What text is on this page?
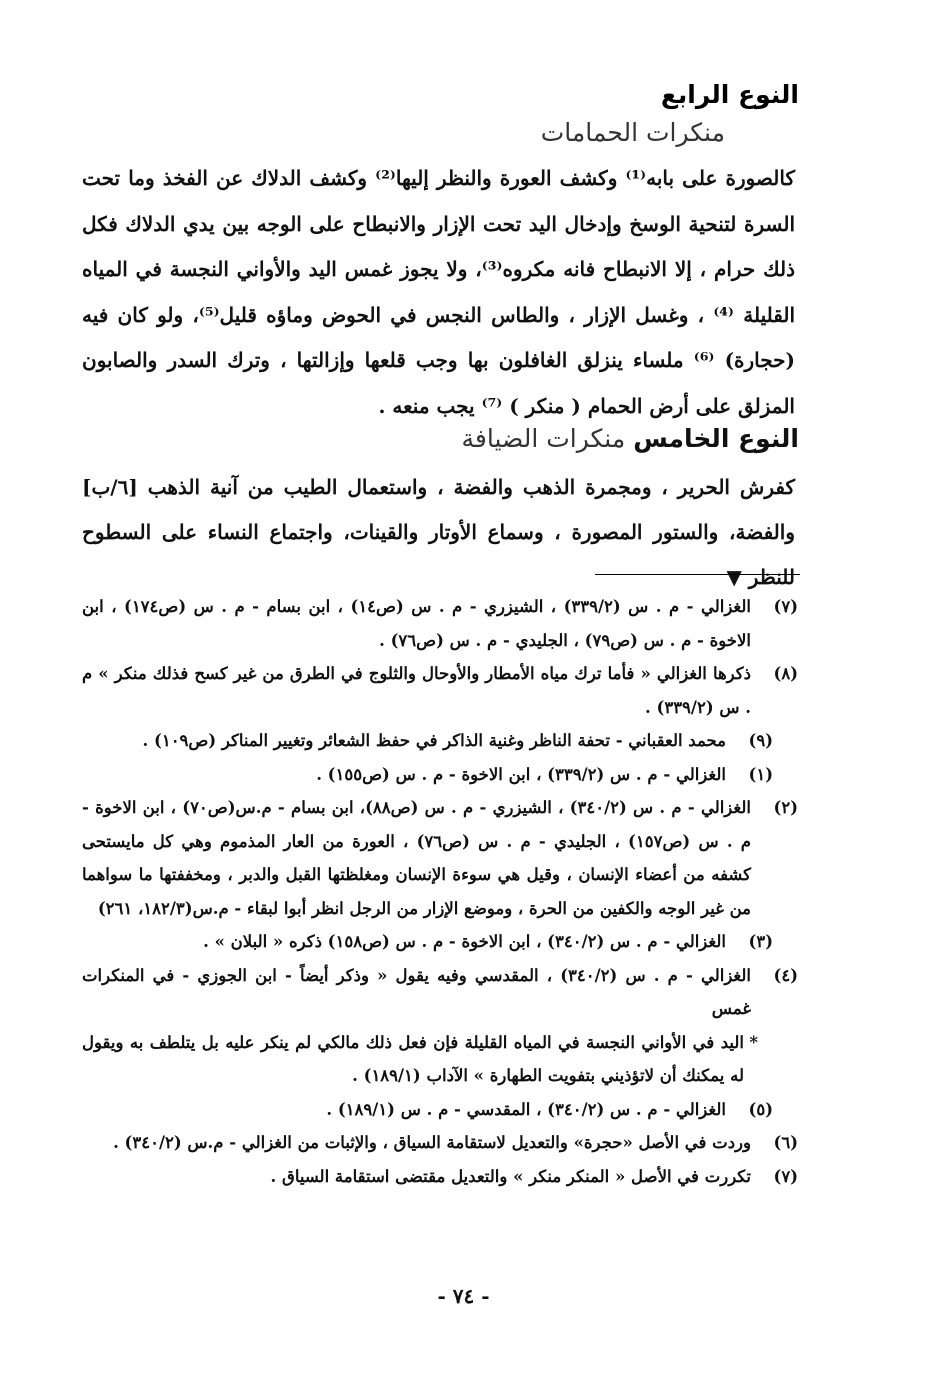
النوع الرابع
منكرات الحمامات
كالصورة على بابه⁽¹⁾ وكشف العورة والنظر إليها⁽²⁾ وكشف الدلاك عن الفخذ وما تحت السرة لتنحية الوسخ وإدخال اليد تحت الإزار والانبطاح على الوجه بين يدي الدلاك فكل ذلك حرام ، إلا الانبطاح فانه مكروه⁽³⁾، ولا يجوز غمس اليد والأواني النجسة في المياه القليلة ⁽⁴⁾ ، وغسل الإزار ، والطاس النجس في الحوض وماؤه قليل⁽⁵⁾، ولو كان فيه (حجارة) ⁽⁶⁾ ملساء ينزلق الغافلون بها وجب قلعها وإزالتها ، وترك السدر والصابون المزلق على أرض الحمام ( منكر ) ⁽⁷⁾ يجب منعه .
النوع الخامس منكرات الضيافة
كفرش الحرير ، ومجمرة الذهب والفضة ، واستعمال الطيب من آنية الذهب [٦/ب] والفضة، والستور المصورة ، وسماع الأوتار والقينات، واجتماع النساء على السطوح للنظر ▼
(٧)
الغزالي - م . س (٣٣٩/٢) ، الشيزري - م . س (ص١٤) ، ابن بسام - م . س (ص١٧٤) ، ابن الاخوة - م . س (ص٧٩) ، الجليدي - م . س (ص٧٦) .
(٨)
ذكرها الغزالي « فأما ترك مياه الأمطار والأوحال والثلوج في الطرق من غير كسح فذلك منكر » م . س (٣٣٩/٢) .
(٩)
محمد العقباني - تحفة الناظر وغنية الذاكر في حفظ الشعائر وتغيير المناكر (ص١٠٩) .
(١)
الغزالي - م . س (٣٣٩/٢) ، ابن الاخوة - م . س (ص١٥٥) .
(٢)
الغزالي - م . س (٣٤٠/٢) ، الشيزري - م . س (ص٨٨)، ابن بسام - م.س(ص٧٠) ، ابن الاخوة - م . س (ص١٥٧) ، الجليدي - م . س (ص٧٦) ، العورة من العار المذموم وهي كل مايستحى كشفه من أعضاء الإنسان ، وقيل هي سوءة الإنسان ومغلظتها القبل والدبر ، ومخففتها ما سواهما من غير الوجه والكفين من الحرة ، وموضع الإزار من الرجل انظر أبوا لبقاء - م.س(١٨٢/٣، ٢٦١)
(٣)
الغزالي - م . س (٣٤٠/٢) ، ابن الاخوة - م . س (ص١٥٨) ذكره « البلان » .
(٤)
الغزالي - م . س (٣٤٠/٢) ، المقدسي وفيه يقول « وذكر أيضاً - ابن الجوزي - في المنكرات غمس
*
اليد في الأواني النجسة في المياه القليلة فإن فعل ذلك مالكي لم ينكر عليه بل يتلطف به ويقول له يمكنك أن لاتؤذيني بتفويت الطهارة » الآداب (١٨٩/١) .
(٥)
الغزالي - م . س (٣٤٠/٢) ، المقدسي - م . س (١٨٩/١) .
(٦)
وردت في الأصل «حجرة» والتعديل لاستقامة السياق ، والإثبات من الغزالي - م.س (٣٤٠/٢) .
(٧)
تكررت في الأصل « المنكر منكر » والتعديل مقتضى استقامة السياق .
- ٧٤ -
